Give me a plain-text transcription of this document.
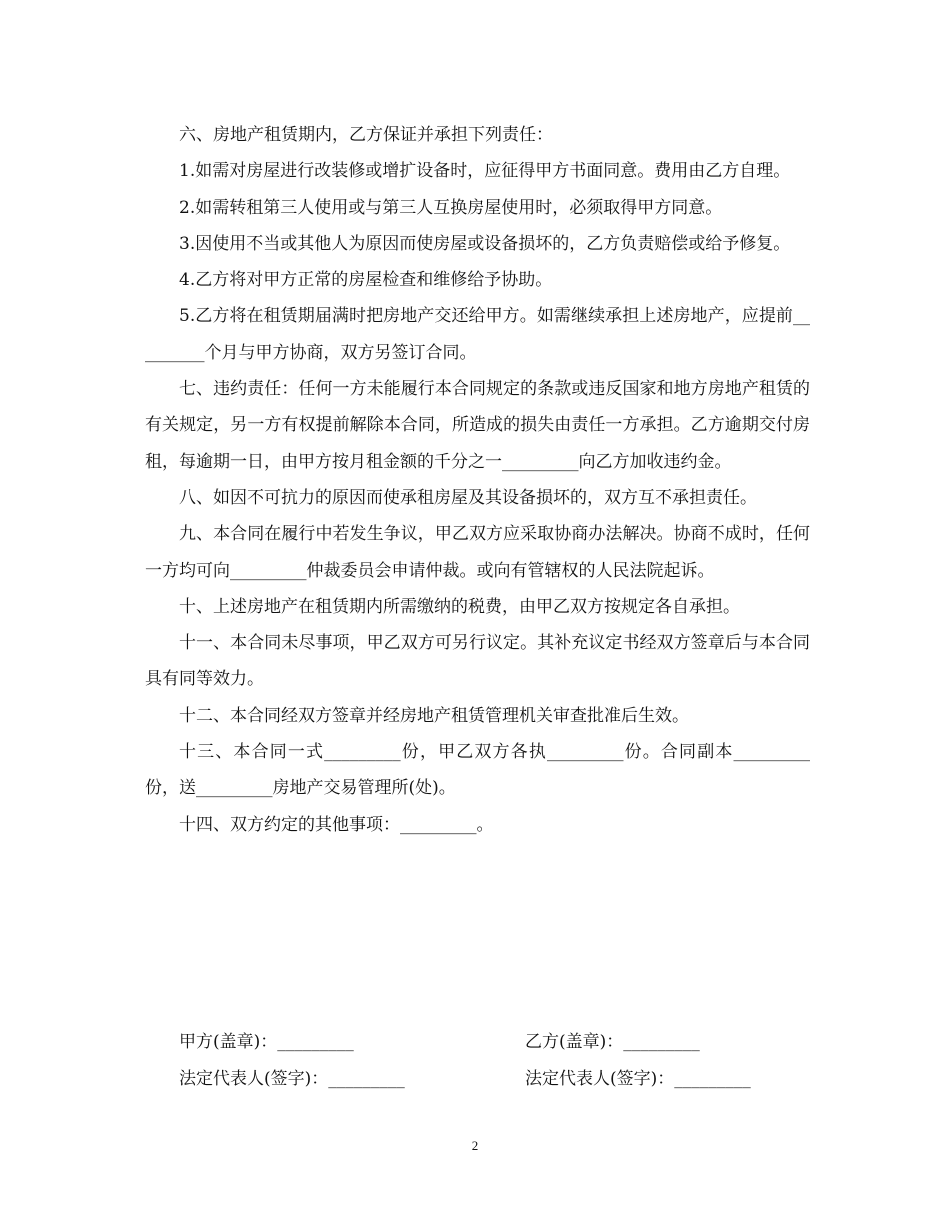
六、房地产租赁期内，乙方保证并承担下列责任：

1.如需对房屋进行改装修或增扩设备时，应征得甲方书面同意。费用由乙方自理。

2.如需转租第三人使用或与第三人互换房屋使用时，必须取得甲方同意。

3.因使用不当或其他人为原因而使房屋或设备损坏的，乙方负责赔偿或给予修复。

4.乙方将对甲方正常的房屋检查和维修给予协助。

5.乙方将在租赁期届满时把房地产交还给甲方。如需继续承担上述房地产，应提前_________个月与甲方协商，双方另签订合同。

七、违约责任：任何一方未能履行本合同规定的条款或违反国家和地方房地产租赁的有关规定，另一方有权提前解除本合同，所造成的损失由责任一方承担。乙方逾期交付房租，每逾期一日，由甲方按月租金额的千分之一_________向乙方加收违约金。

八、如因不可抗力的原因而使承租房屋及其设备损坏的，双方互不承担责任。

九、本合同在履行中若发生争议，甲乙双方应采取协商办法解决。协商不成时，任何一方均可向_________仲裁委员会申请仲裁。或向有管辖权的人民法院起诉。

十、上述房地产在租赁期内所需缴纳的税费，由甲乙双方按规定各自承担。

十一、本合同未尽事项，甲乙双方可另行议定。其补充议定书经双方签章后与本合同具有同等效力。

十二、本合同经双方签章并经房地产租赁管理机关审查批准后生效。

十三、本合同一式_________份，甲乙双方各执_________份。合同副本_________份，送_________房地产交易管理所(处)。

十四、双方约定的其他事项：_________。

甲方(盖章)：_________	乙方(盖章)：_________
法定代表人(签字)：_________	法定代表人(签字)：_________
2
